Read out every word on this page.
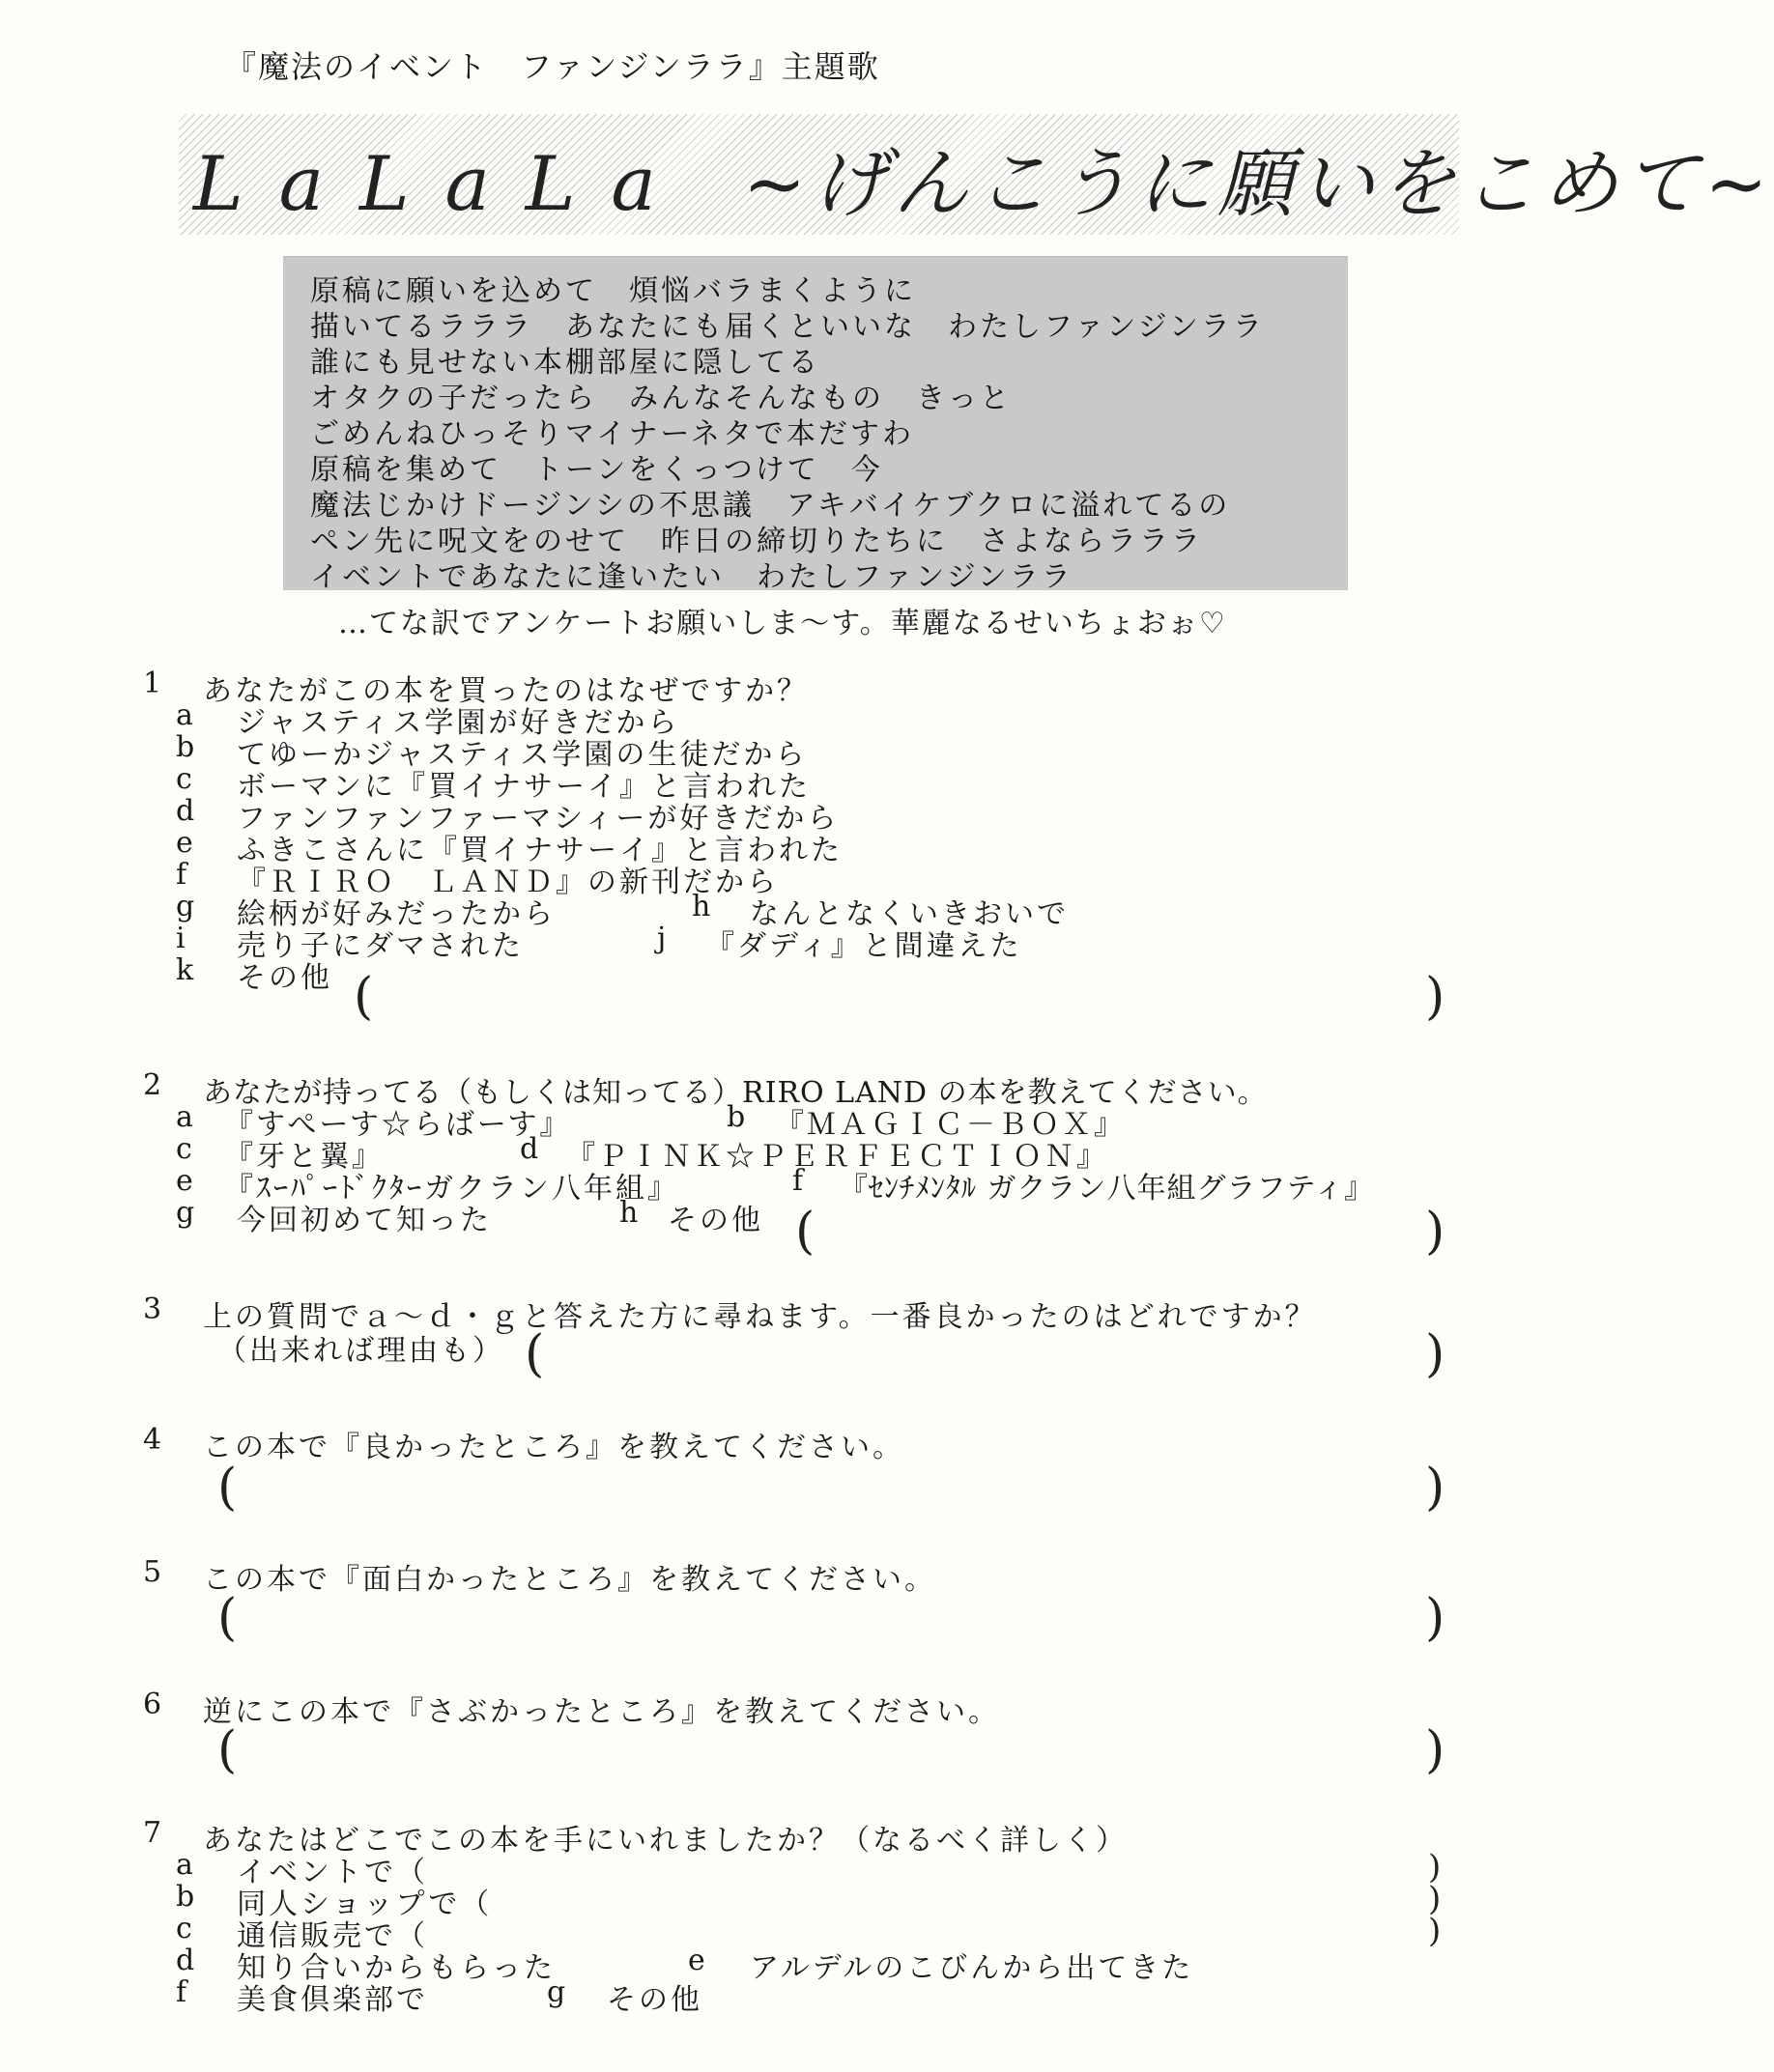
『魔法のイベント　ファンジンララ』主題歌
L a L a L a　~げんこうに願いをこめて~
原稿に願いを込めて　煩悩バラまくように
描いてるラララ　あなたにも届くといいな　わたしファンジンララ
誰にも見せない本棚部屋に隠してる
オタクの子だったら　みんなそんなもの　きっと
ごめんねひっそりマイナーネタで本だすわ
原稿を集めて　トーンをくっつけて　今
魔法じかけドージンシの不思議　アキバイケブクロに溢れてるの
ペン先に呪文をのせて　昨日の締切りたちに　さよならラララ
イベントであなたに逢いたい　わたしファンジンララ
…てな訳でアンケートお願いしま～す。華麗なるせいちょおぉ♡
1 あなたがこの本を買ったのはなぜですか？
a ジャスティス学園が好きだから
b てゆーかジャスティス学園の生徒だから
c ボーマンに『買イナサーイ』と言われた
d ファンファンファーマシィーが好きだから
e ふきこさんに『買イナサーイ』と言われた
f 『ＲＩＲＯ　ＬＡＮＤ』の新刊だから
g 絵柄が好みだったから	h なんとなくいきおいで
i 売り子にダマされた	j 『ダディ』と間違えた
k その他 (	)
2 あなたが持ってる（もしくは知ってる）RIRO LAND の本を教えてください。
a 『すぺーす☆らばーす』	b 『ＭＡＧＩＣ－ＢＯＸ』
c 『牙と翼』	d 『ＰＩＮＫ☆ＰＥＲＦＥＣＴＩＯＮ』
e 『ｽｰﾊﾟｰﾄﾞｸﾀｰガクラン八年組』	f 『ｾﾝﾁﾒﾝﾀﾙ ガクラン八年組グラフティ』
g 今回初めて知った	h その他 (	)
3 上の質問でａ～ｄ・ｇと答えた方に尋ねます。一番良かったのはどれですか？
（出来れば理由も） (	)
4 この本で『良かったところ』を教えてください。
(	)
5 この本で『面白かったところ』を教えてください。
(	)
6 逆にこの本で『さぶかったところ』を教えてください。
(	)
7 あなたはどこでこの本を手にいれましたか？（なるべく詳しく）
a イベントで（	)
b 同人ショップで（	)
c 通信販売で（	)
d 知り合いからもらった	e アルデルのこびんから出てきた
f 美食倶楽部で	g その他
